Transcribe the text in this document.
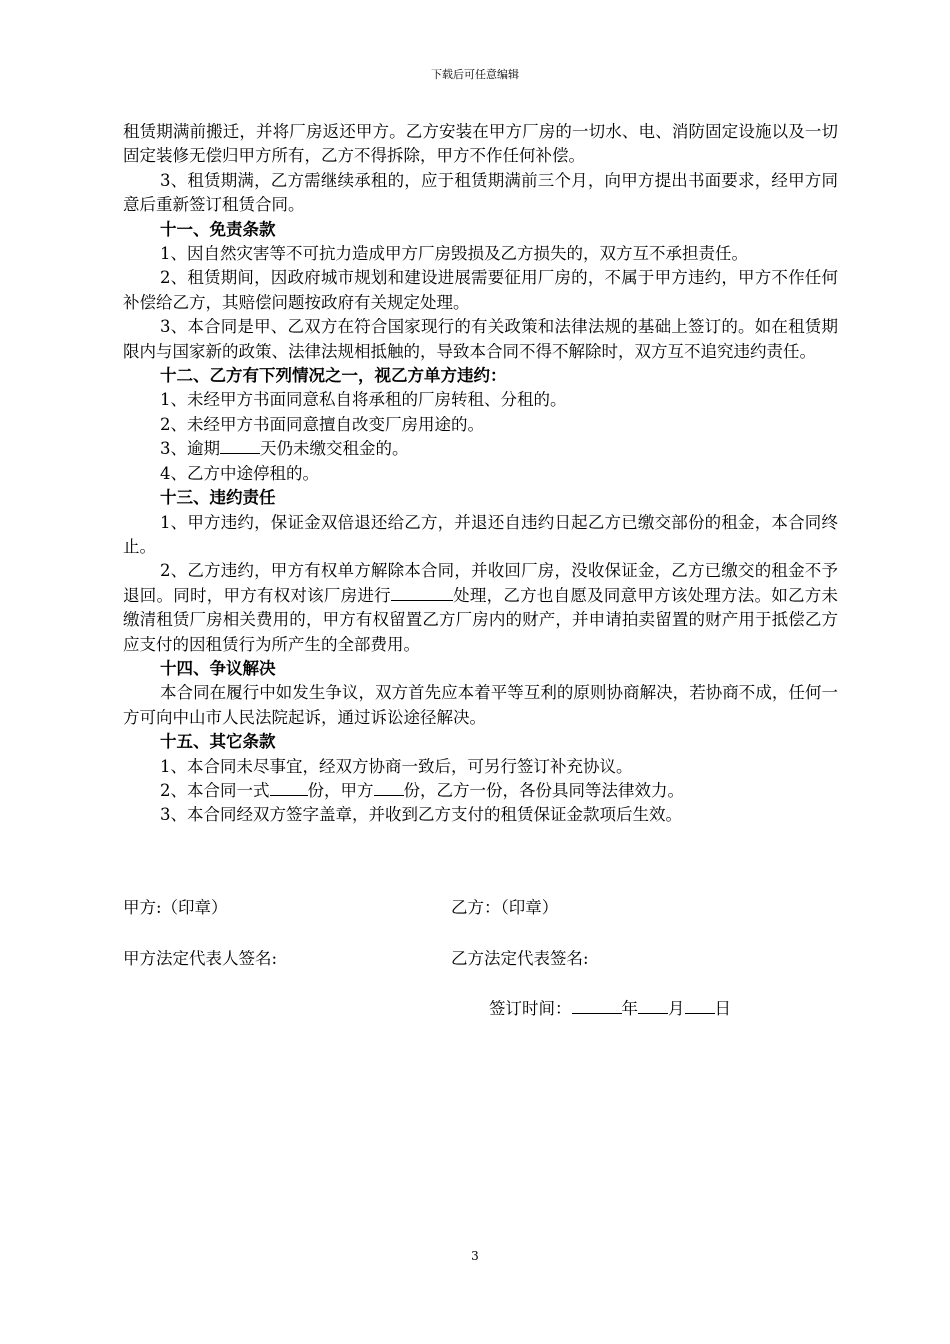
下载后可任意编辑

租赁期满前搬迁，并将厂房返还甲方。乙方安装在甲方厂房的一切水、电、消防固定设施以及一切固定装修无偿归甲方所有，乙方不得拆除，甲方不作任何补偿。

3、租赁期满，乙方需继续承租的，应于租赁期满前三个月，向甲方提出书面要求，经甲方同意后重新签订租赁合同。

十一、免责条款

1、因自然灾害等不可抗力造成甲方厂房毁损及乙方损失的，双方互不承担责任。

2、租赁期间，因政府城市规划和建设进展需要征用厂房的，不属于甲方违约，甲方不作任何补偿给乙方，其赔偿问题按政府有关规定处理。

3、本合同是甲、乙双方在符合国家现行的有关政策和法律法规的基础上签订的。如在租赁期限内与国家新的政策、法律法规相抵触的，导致本合同不得不解除时，双方互不追究违约责任。

十二、乙方有下列情况之一，视乙方单方违约：

1、未经甲方书面同意私自将承租的厂房转租、分租的。

2、未经甲方书面同意擅自改变厂房用途的。

3、逾期 天仍未缴交租金的。

4、乙方中途停租的。

十三、违约责任

1、甲方违约，保证金双倍退还给乙方，并退还自违约日起乙方已缴交部份的租金，本合同终止。

2、乙方违约，甲方有权单方解除本合同，并收回厂房，没收保证金，乙方已缴交的租金不予退回。同时，甲方有权对该厂房进行	处理，乙方也自愿及同意甲方该处理方法。如乙方未缴清租赁厂房相关费用的，甲方有权留置乙方厂房内的财产，并申请拍卖留置的财产用于抵偿乙方应支付的因租赁行为所产生的全部费用。

十四、争议解决

本合同在履行中如发生争议，双方首先应本着平等互利的原则协商解决，若协商不成，任何一方可向中山市人民法院起诉，通过诉讼途径解决。

十五、其它条款

1、本合同未尽事宜，经双方协商一致后，可另行签订补充协议。

2、本合同一式 份，甲方 份，乙方一份，各份具同等法律效力。

3、本合同经双方签字盖章，并收到乙方支付的租赁保证金款项后生效。

甲方:（印章）	乙方：（印章）
甲方法定代表人签名:	乙方法定代表签名:
签订时间：	年 月 日
3
